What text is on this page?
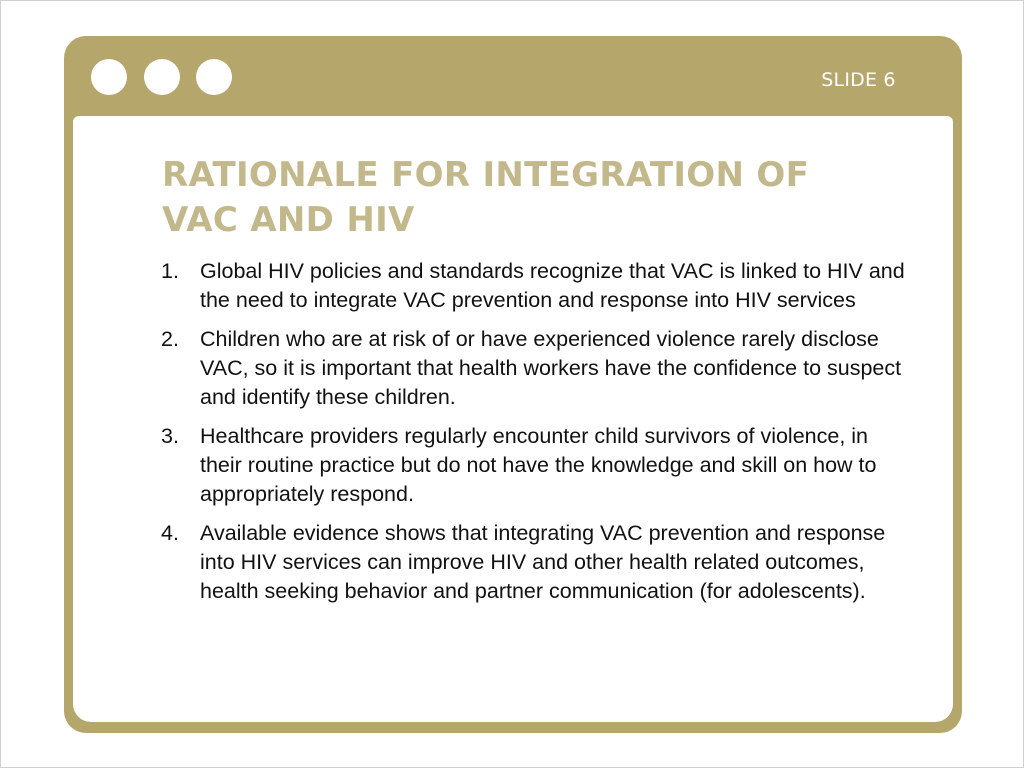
SLIDE 6
RATIONALE FOR INTEGRATION OF
VAC AND HIV
1. Global HIV policies and standards recognize that VAC is linked to HIV and the need to integrate VAC prevention and response into HIV services
2. Children who are at risk of or have experienced violence rarely disclose VAC, so it is important that health workers have the confidence to suspect and identify these children.
3. Healthcare providers regularly encounter child survivors of violence, in their routine practice but do not have the knowledge and skill on how to appropriately respond.
4. Available evidence shows that integrating VAC prevention and response into HIV services can improve HIV and other health related outcomes, health seeking behavior and partner communication (for adolescents).
